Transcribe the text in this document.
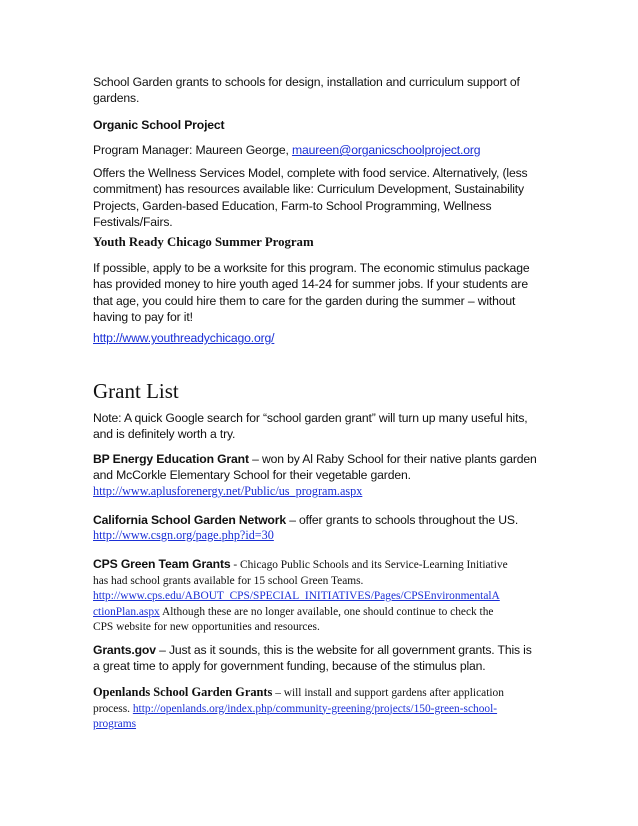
School Garden grants to schools for design, installation and curriculum support of
gardens.
Organic School Project
Program Manager: Maureen George, maureen@organicschoolproject.org
Offers the Wellness Services Model, complete with food service. Alternatively, (less
commitment) has resources available like: Curriculum Development, Sustainability
Projects, Garden-based Education, Farm-to School Programming, Wellness
Festivals/Fairs.
Youth Ready Chicago Summer Program
If possible, apply to be a worksite for this program. The economic stimulus package
has provided money to hire youth aged 14-24 for summer jobs. If your students are
that age, you could hire them to care for the garden during the summer – without
having to pay for it!
http://www.youthreadychicago.org/
Grant List
Note: A quick Google search for “school garden grant” will turn up many useful hits,
and is definitely worth a try.
BP Energy Education Grant – won by Al Raby School for their native plants garden
and McCorkle Elementary School for their vegetable garden.
http://www.aplusforenergy.net/Public/us_program.aspx
California School Garden Network – offer grants to schools throughout the US.
http://www.csgn.org/page.php?id=30
CPS Green Team Grants - Chicago Public Schools and its Service-Learning Initiative
has had school grants available for 15 school Green Teams.
http://www.cps.edu/ABOUT_CPS/SPECIAL_INITIATIVES/Pages/CPSEnvironmentalA
ctionPlan.aspx Although these are no longer available, one should continue to check the
CPS website for new opportunities and resources.
Grants.gov – Just as it sounds, this is the website for all government grants. This is
a great time to apply for government funding, because of the stimulus plan.
Openlands School Garden Grants – will install and support gardens after application
process. http://openlands.org/index.php/community-greening/projects/150-green-school-
programs
